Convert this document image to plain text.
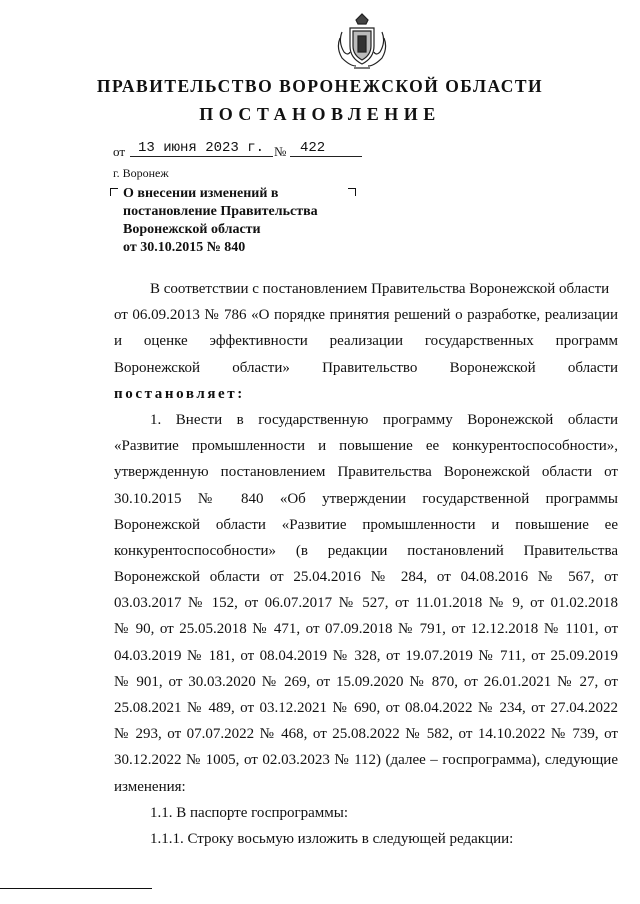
ПРАВИТЕЛЬСТВО ВОРОНЕЖСКОЙ ОБЛАСТИ
ПОСТАНОВЛЕНИЕ
от 13 июня 2023 г. № 422
г. Воронеж
О внесении изменений в
постановление Правительства
Воронежской области
от 30.10.2015 № 840
В соответствии с постановлением Правительства Воронежской области
от 06.09.2013 № 786 «О порядке принятия решений о разработке, реализации
и оценке эффективности реализации государственных программ
Воронежской области» Правительство Воронежской области
постановляет:
1. Внести в государственную программу Воронежской области
«Развитие промышленности и повышение ее конкурентоспособности»,
утвержденную постановлением Правительства Воронежской области от
30.10.2015 № 840 «Об утверждении государственной программы
Воронежской области «Развитие промышленности и повышение ее
конкурентоспособности» (в редакции постановлений Правительства
Воронежской области от 25.04.2016 № 284, от 04.08.2016 № 567, от
03.03.2017 № 152, от 06.07.2017 № 527, от 11.01.2018 № 9, от 01.02.2018
№ 90, от 25.05.2018 № 471, от 07.09.2018 № 791, от 12.12.2018 № 1101, от
04.03.2019 № 181, от 08.04.2019 № 328, от 19.07.2019 № 711, от 25.09.2019
№ 901, от 30.03.2020 № 269, от 15.09.2020 № 870, от 26.01.2021 № 27, от
25.08.2021 № 489, от 03.12.2021 № 690, от 08.04.2022 № 234, от 27.04.2022
№ 293, от 07.07.2022 № 468, от 25.08.2022 № 582, от 14.10.2022 № 739, от
30.12.2022 № 1005, от 02.03.2023 № 112) (далее – госпрограмма), следующие
изменения:
1.1. В паспорте госпрограммы:
1.1.1. Строку восьмую изложить в следующей редакции:
